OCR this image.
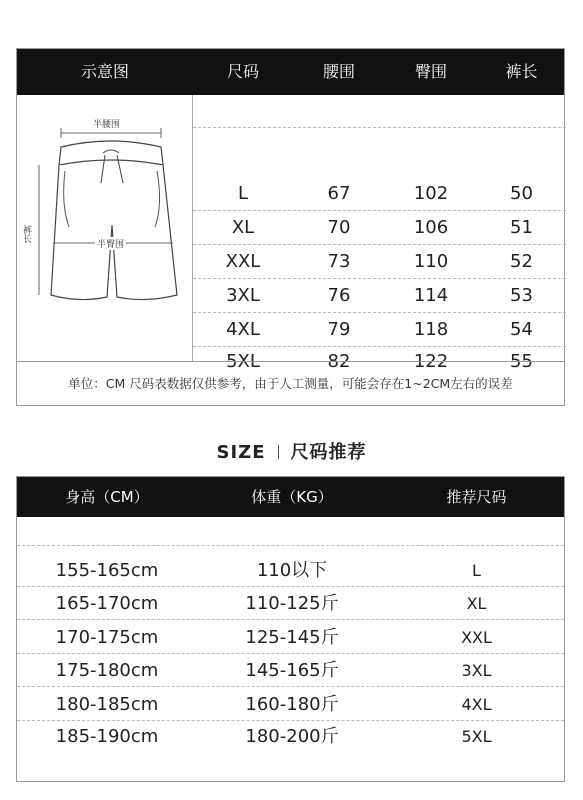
示意图	尺码	腰围	臀围	裤长
半腰围
半臀围
裤长
L	67	102	50
XL	70	106	51
XXL	73	110	52
3XL	76	114	53
4XL	79	118	54
5XL	82	122	55
单位：CM 尺码表数据仅供参考，由于人工测量，可能会存在1~2CM左右的误差
SIZE 尺码推荐
身高（CM）	体重（KG）	推荐尺码
155-165cm	110以下	L
165-170cm	110-125斤	XL
170-175cm	125-145斤	XXL
175-180cm	145-165斤	3XL
180-185cm	160-180斤	4XL
185-190cm	180-200斤	5XL
